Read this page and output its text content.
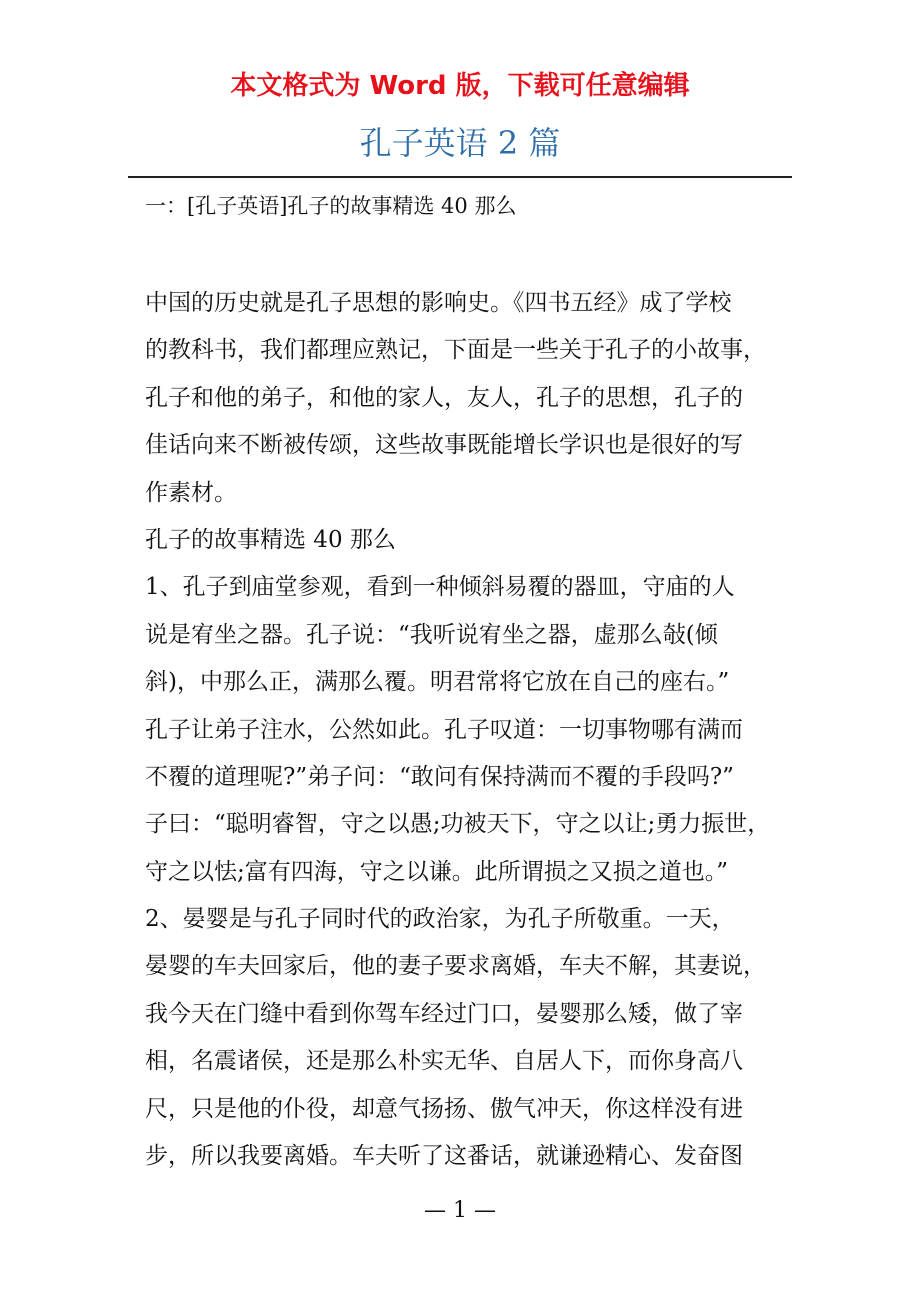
本文格式为 Word 版，下载可任意编辑
孔子英语 2 篇
一：[孔子英语]孔子的故事精选 40 那么
中国的历史就是孔子思想的影响史。《四书五经》成了学校
的教科书，我们都理应熟记，下面是一些关于孔子的小故事，
孔子和他的弟子，和他的家人，友人，孔子的思想，孔子的
佳话向来不断被传颂，这些故事既能增长学识也是很好的写
作素材。
孔子的故事精选 40 那么
1、孔子到庙堂参观，看到一种倾斜易覆的器皿，守庙的人
说是宥坐之器。孔子说：“我听说宥坐之器，虚那么敧(倾
斜)，中那么正，满那么覆。明君常将它放在自己的座右。”
孔子让弟子注水，公然如此。孔子叹道：一切事物哪有满而
不覆的道理呢?”弟子问：“敢问有保持满而不覆的手段吗?”
子曰：“聪明睿智，守之以愚;功被天下，守之以让;勇力振世，
守之以怯;富有四海，守之以谦。此所谓损之又损之道也。”
2、晏婴是与孔子同时代的政治家，为孔子所敬重。一天，
晏婴的车夫回家后，他的妻子要求离婚，车夫不解，其妻说，
我今天在门缝中看到你驾车经过门口，晏婴那么矮，做了宰
相，名震诸侯，还是那么朴实无华、自居人下，而你身高八
尺，只是他的仆役，却意气扬扬、傲气冲天，你这样没有进
步，所以我要离婚。车夫听了这番话，就谦逊精心、发奋图
— 1 —
